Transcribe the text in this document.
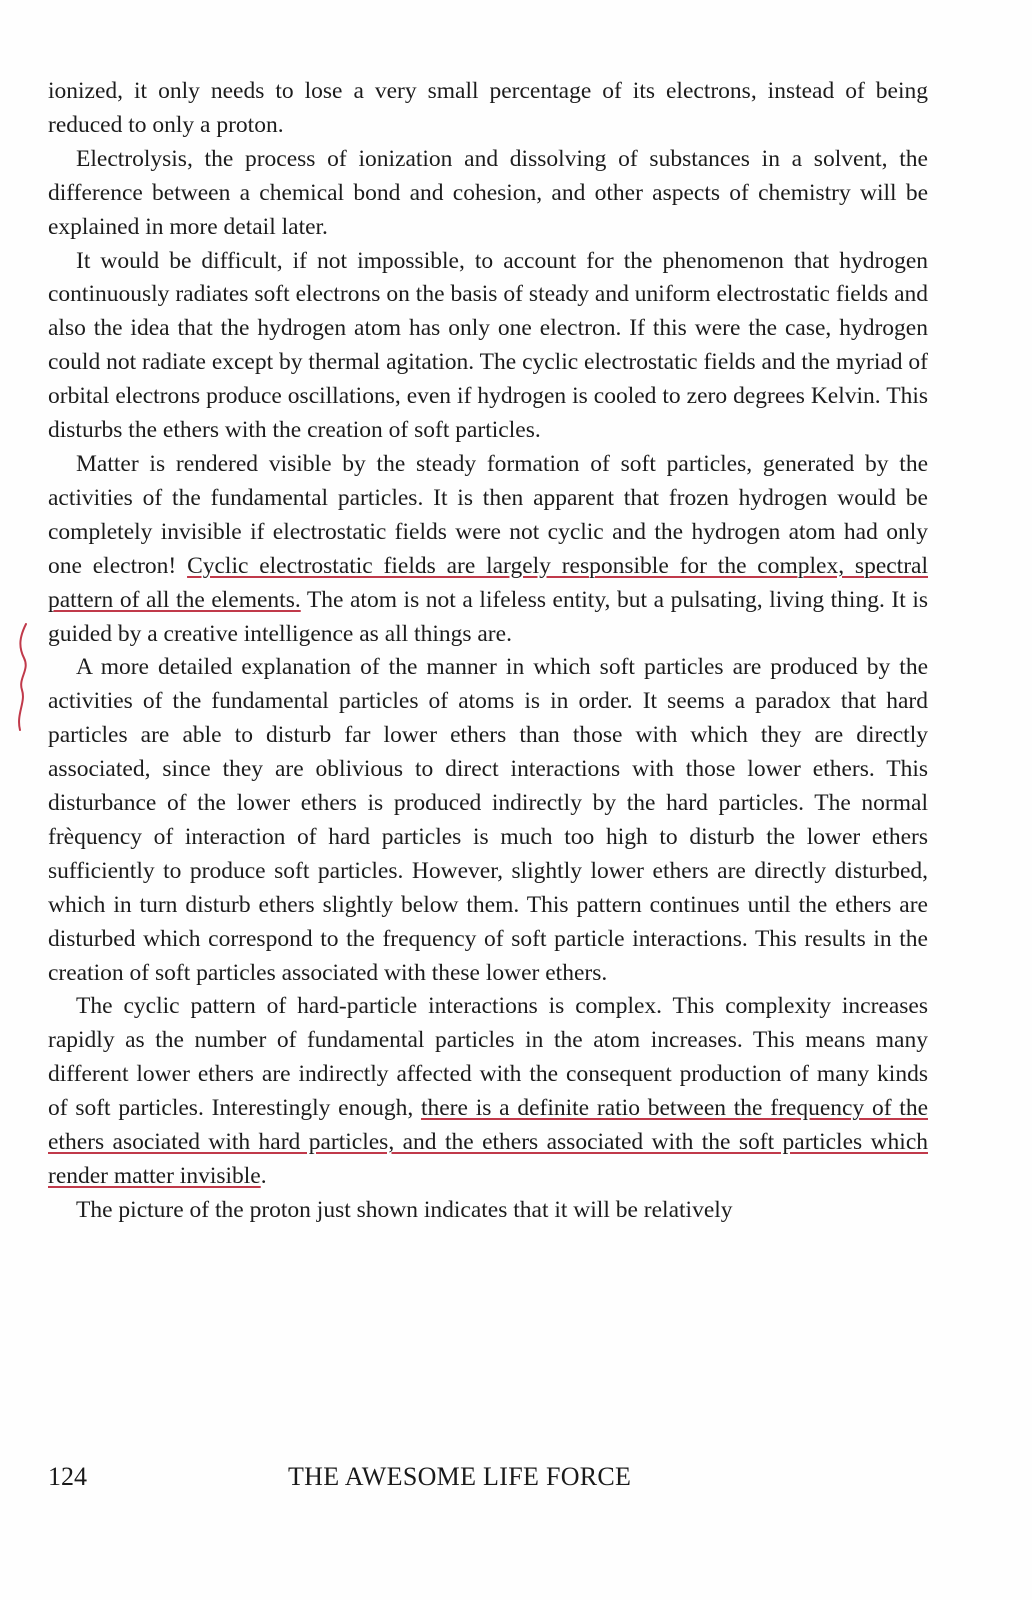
ionized, it only needs to lose a very small percentage of its electrons, instead of being reduced to only a proton.

Electrolysis, the process of ionization and dissolving of substances in a solvent, the difference between a chemical bond and cohesion, and other aspects of chemistry will be explained in more detail later.

It would be difficult, if not impossible, to account for the phenomenon that hydrogen continuously radiates soft electrons on the basis of steady and uniform electrostatic fields and also the idea that the hydrogen atom has only one electron. If this were the case, hydrogen could not radiate except by thermal agitation. The cyclic electrostatic fields and the myriad of orbital electrons produce oscillations, even if hydrogen is cooled to zero degrees Kelvin. This disturbs the ethers with the creation of soft particles.

Matter is rendered visible by the steady formation of soft particles, generated by the activities of the fundamental particles. It is then apparent that frozen hydrogen would be completely invisible if electrostatic fields were not cyclic and the hydrogen atom had only one electron! Cyclic electrostatic fields are largely responsible for the complex, spectral pattern of all the elements. The atom is not a lifeless entity, but a pulsating, living thing. It is guided by a creative intelligence as all things are.

A more detailed explanation of the manner in which soft particles are produced by the activities of the fundamental particles of atoms is in order. It seems a paradox that hard particles are able to disturb far lower ethers than those with which they are directly associated, since they are oblivious to direct interactions with those lower ethers. This disturbance of the lower ethers is produced indirectly by the hard particles. The normal frèquency of interaction of hard particles is much too high to disturb the lower ethers sufficiently to produce soft particles. However, slightly lower ethers are directly disturbed, which in turn disturb ethers slightly below them. This pattern continues until the ethers are disturbed which correspond to the frequency of soft particle interactions. This results in the creation of soft particles associated with these lower ethers.

The cyclic pattern of hard-particle interactions is complex. This complexity increases rapidly as the number of fundamental particles in the atom increases. This means many different lower ethers are indirectly affected with the consequent production of many kinds of soft particles. Interestingly enough, there is a definite ratio between the frequency of the ethers asociated with hard particles, and the ethers associated with the soft particles which render matter invisible.

The picture of the proton just shown indicates that it will be relatively

124	THE AWESOME LIFE FORCE
